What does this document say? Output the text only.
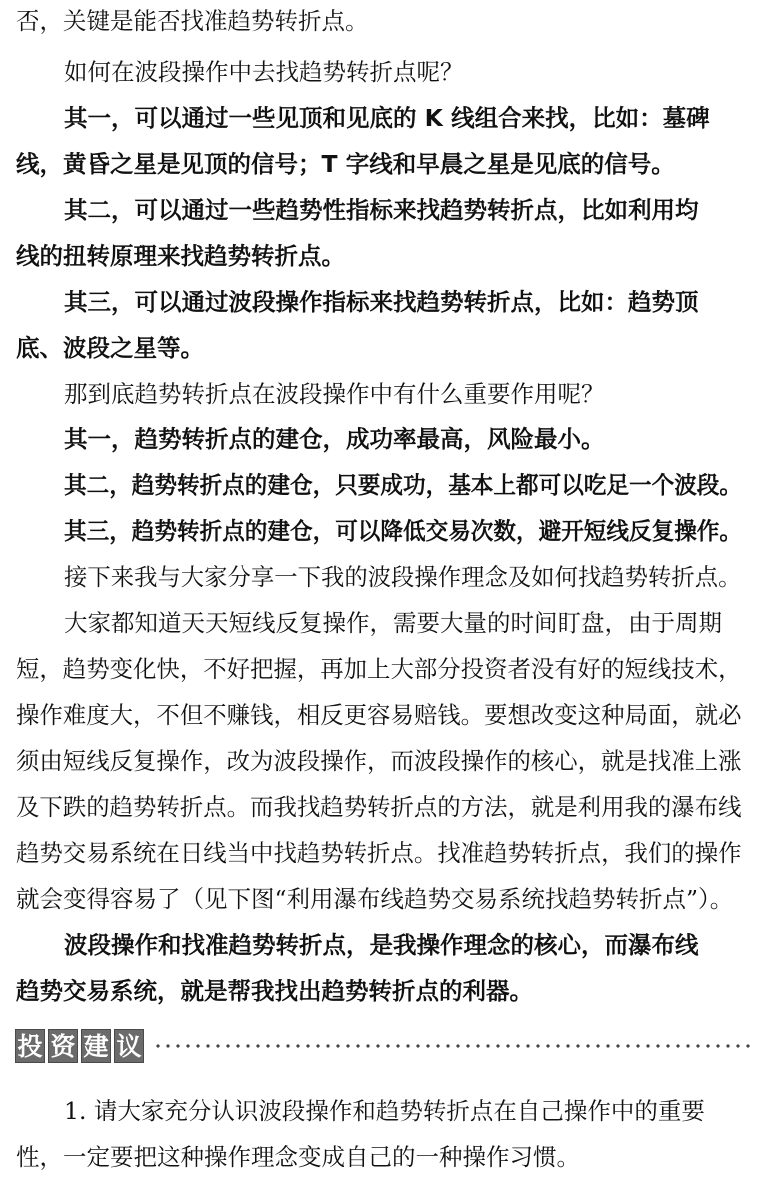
否，关键是能否找准趋势转折点。
如何在波段操作中去找趋势转折点呢？
其一，可以通过一些见顶和见底的 K 线组合来找，比如：墓碑
线，黄昏之星是见顶的信号；T 字线和早晨之星是见底的信号。
其二，可以通过一些趋势性指标来找趋势转折点，比如利用均
线的扭转原理来找趋势转折点。
其三，可以通过波段操作指标来找趋势转折点，比如：趋势顶
底、波段之星等。
那到底趋势转折点在波段操作中有什么重要作用呢？
其一，趋势转折点的建仓，成功率最高，风险最小。
其二，趋势转折点的建仓，只要成功，基本上都可以吃足一个波段。
其三，趋势转折点的建仓，可以降低交易次数，避开短线反复操作。
接下来我与大家分享一下我的波段操作理念及如何找趋势转折点。
大家都知道天天短线反复操作，需要大量的时间盯盘，由于周期
短，趋势变化快，不好把握，再加上大部分投资者没有好的短线技术，
操作难度大，不但不赚钱，相反更容易赔钱。要想改变这种局面，就必
须由短线反复操作，改为波段操作，而波段操作的核心，就是找准上涨
及下跌的趋势转折点。而我找趋势转折点的方法，就是利用我的瀑布线
趋势交易系统在日线当中找趋势转折点。找准趋势转折点，我们的操作
就会变得容易了（见下图“利用瀑布线趋势交易系统找趋势转折点”）。
波段操作和找准趋势转折点，是我操作理念的核心，而瀑布线
趋势交易系统，就是帮我找出趋势转折点的利器。
投 资 建 议
1. 请大家充分认识波段操作和趋势转折点在自己操作中的重要
性，一定要把这种操作理念变成自己的一种操作习惯。
